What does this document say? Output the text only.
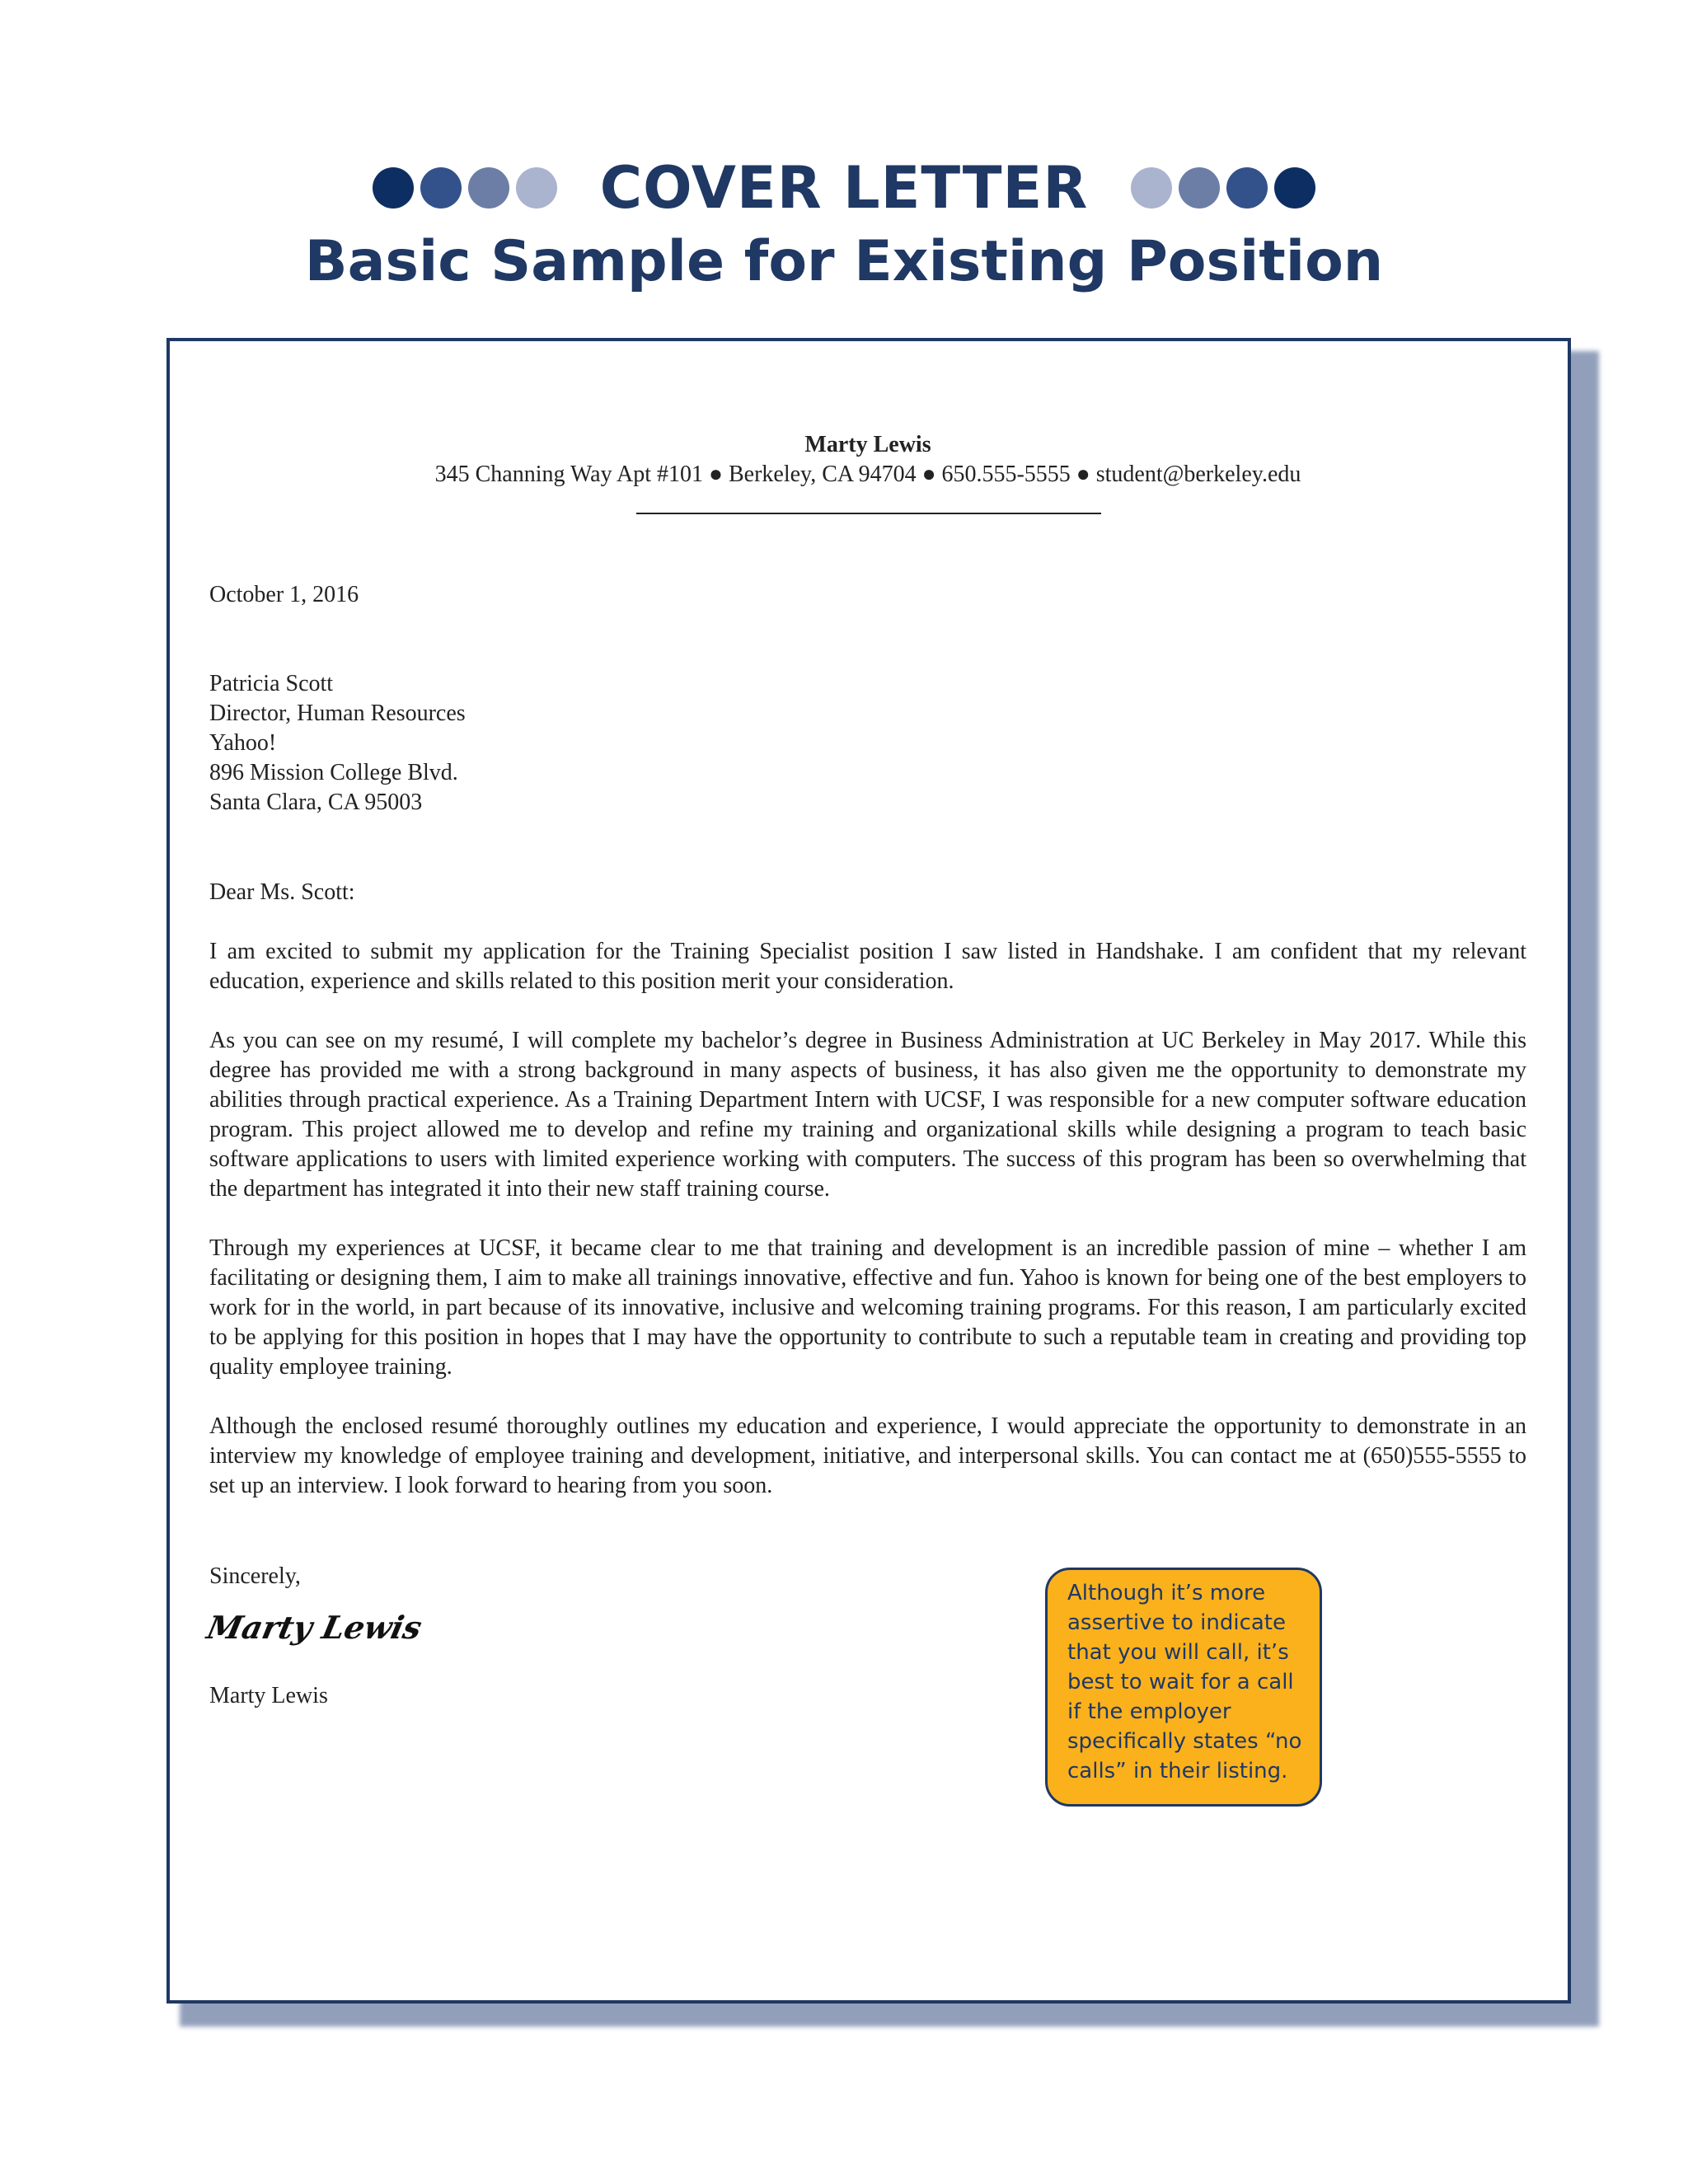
COVER LETTER
Basic Sample for Existing Position
Marty Lewis
345 Channing Way Apt #101 ● Berkeley, CA 94704 ● 650.555-5555 ● student@berkeley.edu
October 1, 2016
Patricia Scott
Director, Human Resources
Yahoo!
896 Mission College Blvd.
Santa Clara, CA 95003
Dear Ms. Scott:

I am excited to submit my application for the Training Specialist position I saw listed in Handshake. I am confident that my relevant education, experience and skills related to this position merit your consideration.

As you can see on my resumé, I will complete my bachelor’s degree in Business Administration at UC Berkeley in May 2017. While this degree has provided me with a strong background in many aspects of business, it has also given me the opportunity to demonstrate my abilities through practical experience. As a Training Department Intern with UCSF, I was responsible for a new computer software education program. This project allowed me to develop and refine my training and organizational skills while designing a program to teach basic software applications to users with limited experience working with computers. The success of this program has been so overwhelming that the department has integrated it into their new staff training course.

Through my experiences at UCSF, it became clear to me that training and development is an incredible passion of mine – whether I am facilitating or designing them, I aim to make all trainings innovative, effective and fun. Yahoo is known for being one of the best employers to work for in the world, in part because of its innovative, inclusive and welcoming training programs. For this reason, I am particularly excited to be applying for this position in hopes that I may have the opportunity to contribute to such a reputable team in creating and providing top quality employee training.

Although the enclosed resumé thoroughly outlines my education and experience, I would appreciate the opportunity to demonstrate in an interview my knowledge of employee training and development, initiative, and interpersonal skills. You can contact me at (650)555-5555 to set up an interview. I look forward to hearing from you soon.

Sincerely,
Marty Lewis
Marty Lewis
Although it’s more assertive to indicate that you will call, it’s best to wait for a call if the employer specifically states “no calls” in their listing.
